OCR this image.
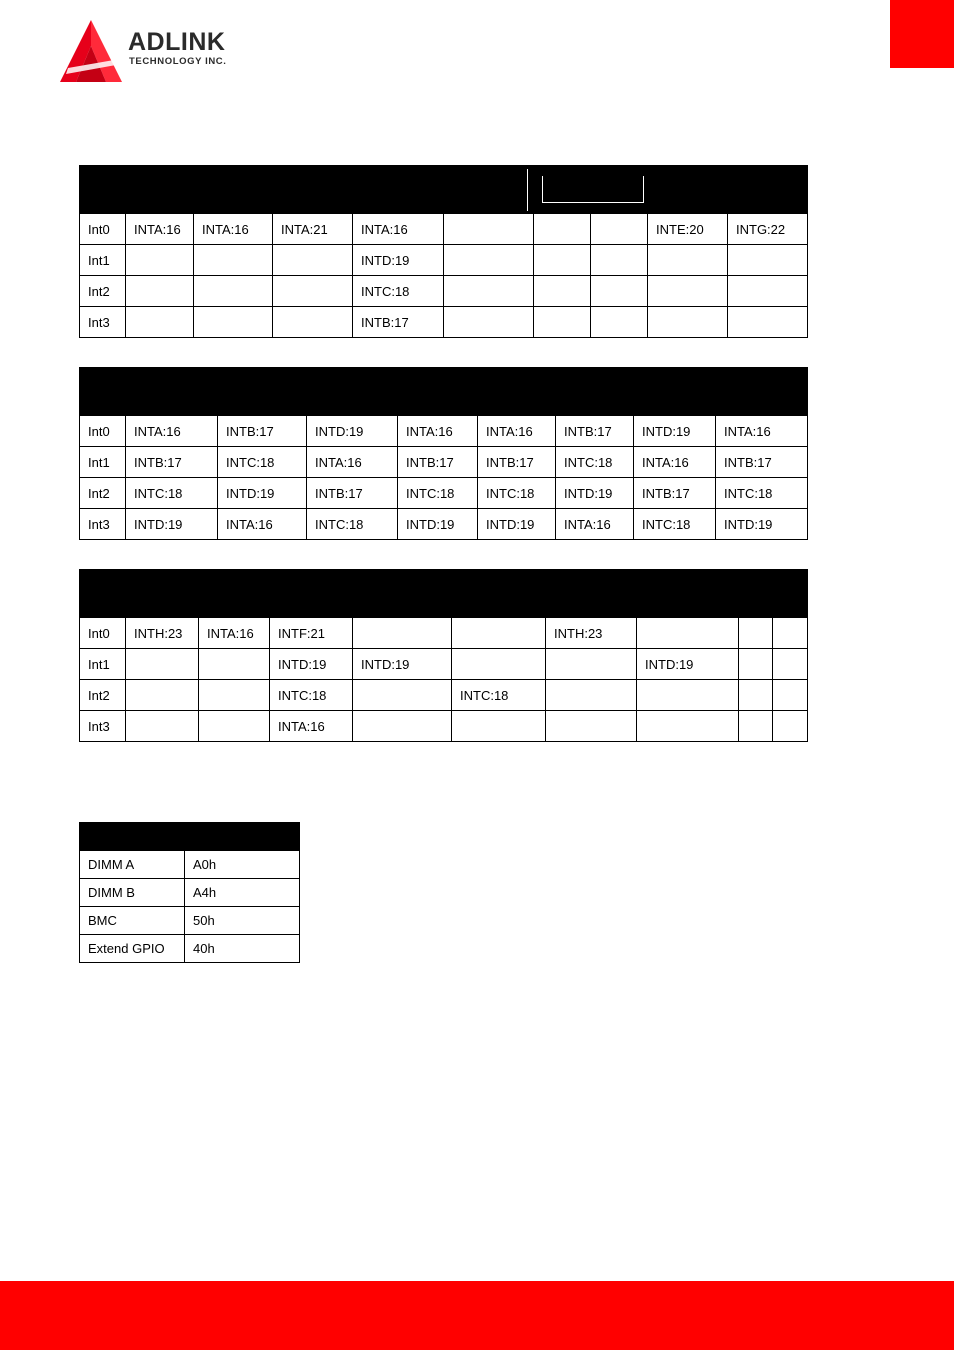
ADLINK
TECHNOLOGY INC.

Int0	INTA:16	INTA:16	INTA:21	INTA:16				INTE:20	INTG:22
Int1				INTD:19					
Int2				INTC:18					
Int3				INTB:17					

Int0	INTA:16	INTB:17	INTD:19	INTA:16	INTA:16	INTB:17	INTD:19	INTA:16
Int1	INTB:17	INTC:18	INTA:16	INTB:17	INTB:17	INTC:18	INTA:16	INTB:17
Int2	INTC:18	INTD:19	INTB:17	INTC:18	INTC:18	INTD:19	INTB:17	INTC:18
Int3	INTD:19	INTA:16	INTC:18	INTD:19	INTD:19	INTA:16	INTC:18	INTD:19

Int0	INTH:23	INTA:16	INTF:21			INTH:23			
Int1			INTD:19	INTD:19			INTD:19		
Int2			INTC:18		INTC:18				
Int3			INTA:16						

DIMM A	A0h
DIMM B	A4h
BMC	50h
Extend GPIO	40h
